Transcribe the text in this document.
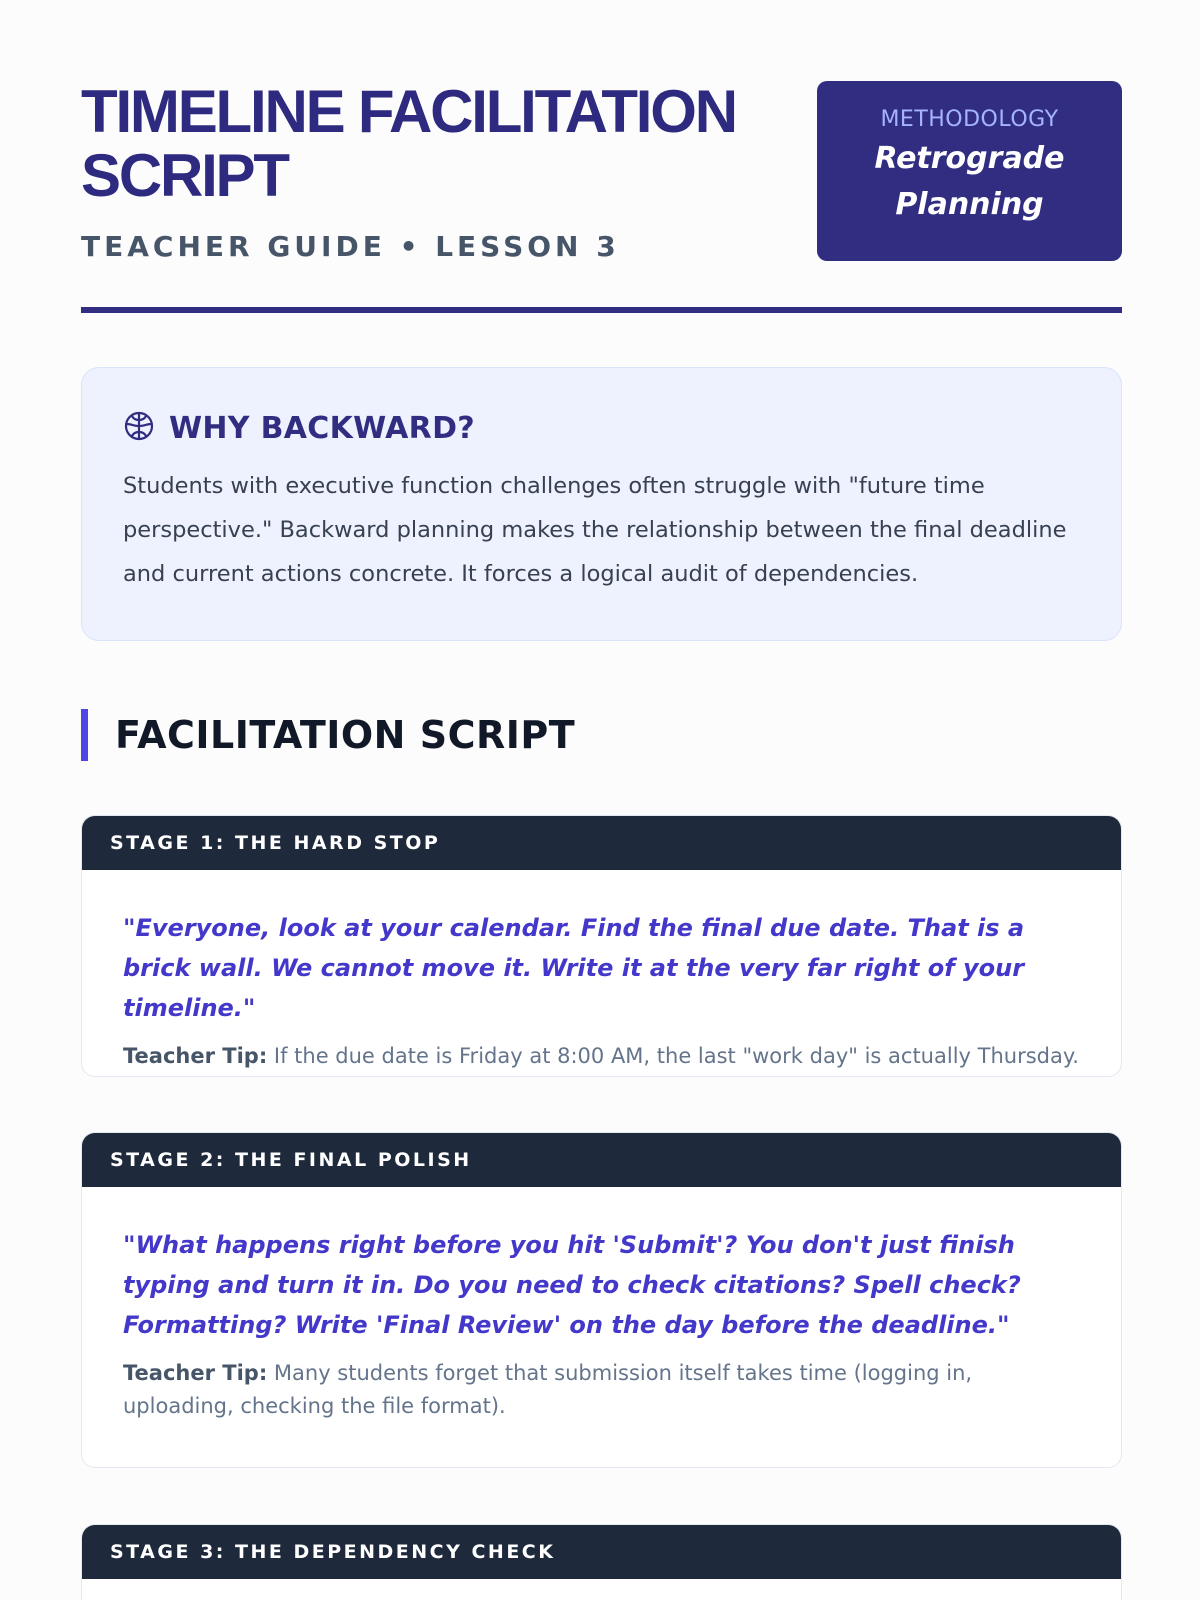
TIMELINE FACILITATION SCRIPT
TEACHER GUIDE • LESSON 3
METHODOLOGY
Retrograde Planning
WHY BACKWARD?

Students with executive function challenges often struggle with "future time perspective." Backward planning makes the relationship between the final deadline and current actions concrete. It forces a logical audit of dependencies.

FACILITATION SCRIPT
STAGE 1: THE HARD STOP

"Everyone, look at your calendar. Find the final due date. That is a brick wall. We cannot move it. Write it at the very far right of your timeline."

Teacher Tip: If the due date is Friday at 8:00 AM, the last "work day" is actually Thursday.

STAGE 2: THE FINAL POLISH

"What happens right before you hit 'Submit'? You don't just finish typing and turn it in. Do you need to check citations? Spell check? Formatting? Write 'Final Review' on the day before the deadline."

Teacher Tip: Many students forget that submission itself takes time (logging in, uploading, checking the file format).

STAGE 3: THE DEPENDENCY CHECK
